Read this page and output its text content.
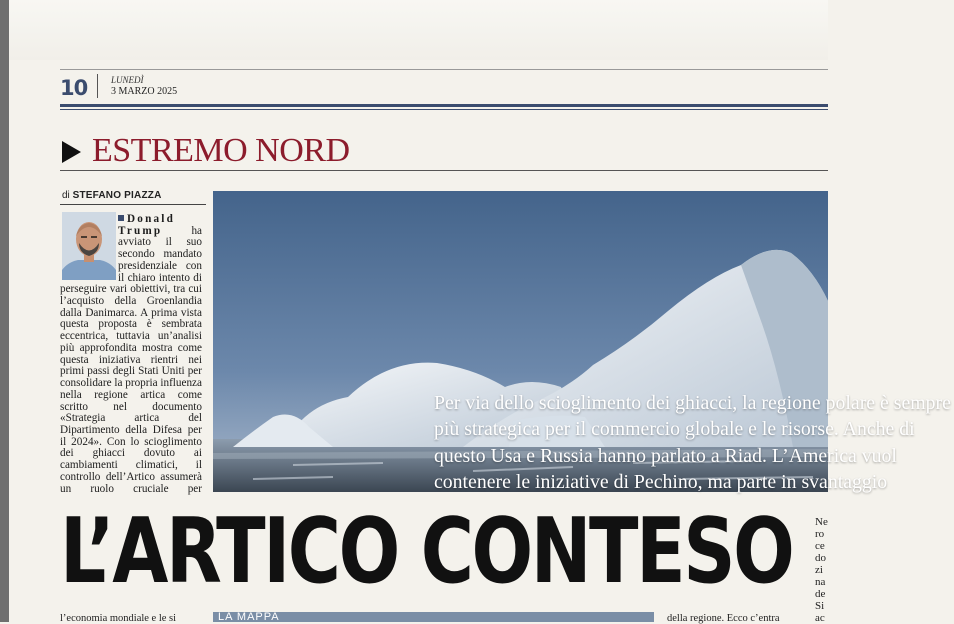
10	LUNEDÌ
3 MARZO 2025
ESTREMO NORD
di STEFANO PIAZZA
Donald Trump ha avviato il suo secondo mandato presidenziale con il chiaro intento di perseguire vari obiettivi, tra cui l’acquisto della Groenlandia dalla Danimarca. A prima vista questa proposta è sembrata eccentrica, tuttavia un’analisi più approfondita mostra come questa iniziativa rientri nei primi passi degli Stati Uniti per consolidare la propria influenza nella regione artica come scritto nel documento «Strategia artica del Dipartimento della Difesa per il 2024». Con lo scioglimento dei ghiacci dovuto ai cambiamenti climatici, il controllo dell’Artico assumerà un ruolo cruciale per
Per via dello scioglimento dei ghiacci, la regione polare è sempre più strategica per il commercio globale e le risorse. Anche di questo Usa e Russia hanno parlato a Riad. L’America vuol contenere le iniziative di Pechino, ma parte in svantaggio
L’ARTICO CONTESO Ne
ro
ce
do
zi
na
de
Si
ac
l’economia mondiale e le si	LA MAPPA	della regione. Ecco c’entra
